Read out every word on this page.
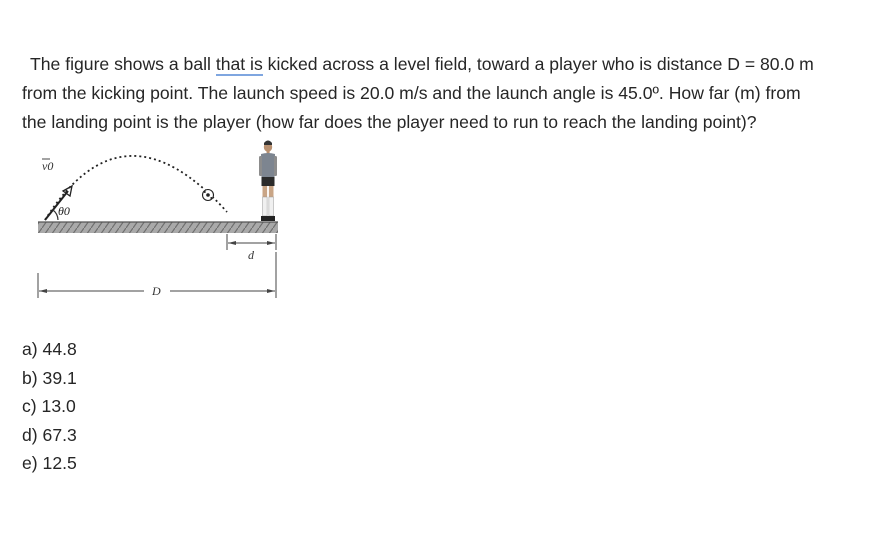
The figure shows a ball that is kicked across a level field, toward a player who is distance D = 80.0 m
from the kicking point. The launch speed is 20.0 m/s and the launch angle is 45.0º. How far (m) from
the landing point is the player (how far does the player need to run to reach the landing point)?

v0
θ0
d
D
a) 44.8
b) 39.1
c) 13.0
d) 67.3
e) 12.5
